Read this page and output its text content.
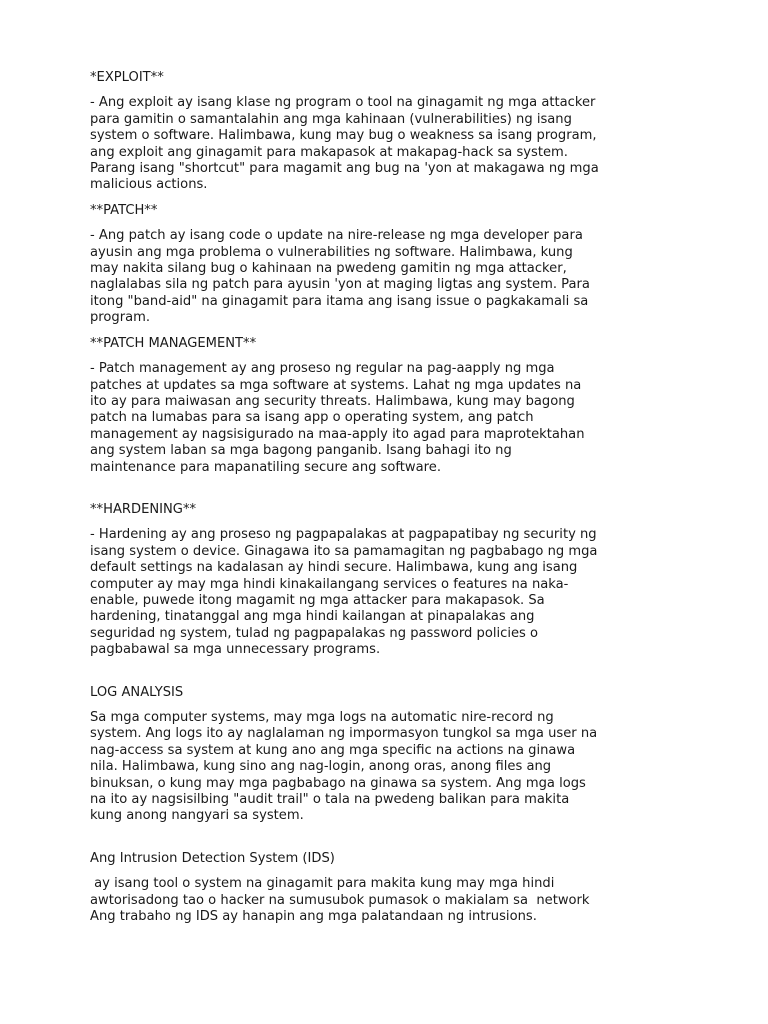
*EXPLOIT**
- Ang exploit ay isang klase ng program o tool na ginagamit ng mga attacker
para gamitin o samantalahin ang mga kahinaan (vulnerabilities) ng isang
system o software. Halimbawa, kung may bug o weakness sa isang program,
ang exploit ang ginagamit para makapasok at makapag-hack sa system.
Parang isang "shortcut" para magamit ang bug na 'yon at makagawa ng mga
malicious actions.
**PATCH**
- Ang patch ay isang code o update na nire-release ng mga developer para
ayusin ang mga problema o vulnerabilities ng software. Halimbawa, kung
may nakita silang bug o kahinaan na pwedeng gamitin ng mga attacker,
naglalabas sila ng patch para ayusin 'yon at maging ligtas ang system. Para
itong "band-aid" na ginagamit para itama ang isang issue o pagkakamali sa
program.
**PATCH MANAGEMENT**
- Patch management ay ang proseso ng regular na pag-aapply ng mga
patches at updates sa mga software at systems. Lahat ng mga updates na
ito ay para maiwasan ang security threats. Halimbawa, kung may bagong
patch na lumabas para sa isang app o operating system, ang patch
management ay nagsisigurado na maa-apply ito agad para maprotektahan
ang system laban sa mga bagong panganib. Isang bahagi ito ng
maintenance para mapanatiling secure ang software.
**HARDENING**
- Hardening ay ang proseso ng pagpapalakas at pagpapatibay ng security ng
isang system o device. Ginagawa ito sa pamamagitan ng pagbabago ng mga
default settings na kadalasan ay hindi secure. Halimbawa, kung ang isang
computer ay may mga hindi kinakailangang services o features na naka-
enable, puwede itong magamit ng mga attacker para makapasok. Sa
hardening, tinatanggal ang mga hindi kailangan at pinapalakas ang
seguridad ng system, tulad ng pagpapalakas ng password policies o
pagbabawal sa mga unnecessary programs.
LOG ANALYSIS
Sa mga computer systems, may mga logs na automatic nire-record ng
system. Ang logs ito ay naglalaman ng impormasyon tungkol sa mga user na
nag-access sa system at kung ano ang mga specific na actions na ginawa
nila. Halimbawa, kung sino ang nag-login, anong oras, anong files ang
binuksan, o kung may mga pagbabago na ginawa sa system. Ang mga logs
na ito ay nagsisilbing "audit trail" o tala na pwedeng balikan para makita
kung anong nangyari sa system.
Ang Intrusion Detection System (IDS)
ay isang tool o system na ginagamit para makita kung may mga hindi
awtorisadong tao o hacker na sumusubok pumasok o makialam sa  network
Ang trabaho ng IDS ay hanapin ang mga palatandaan ng intrusions.
